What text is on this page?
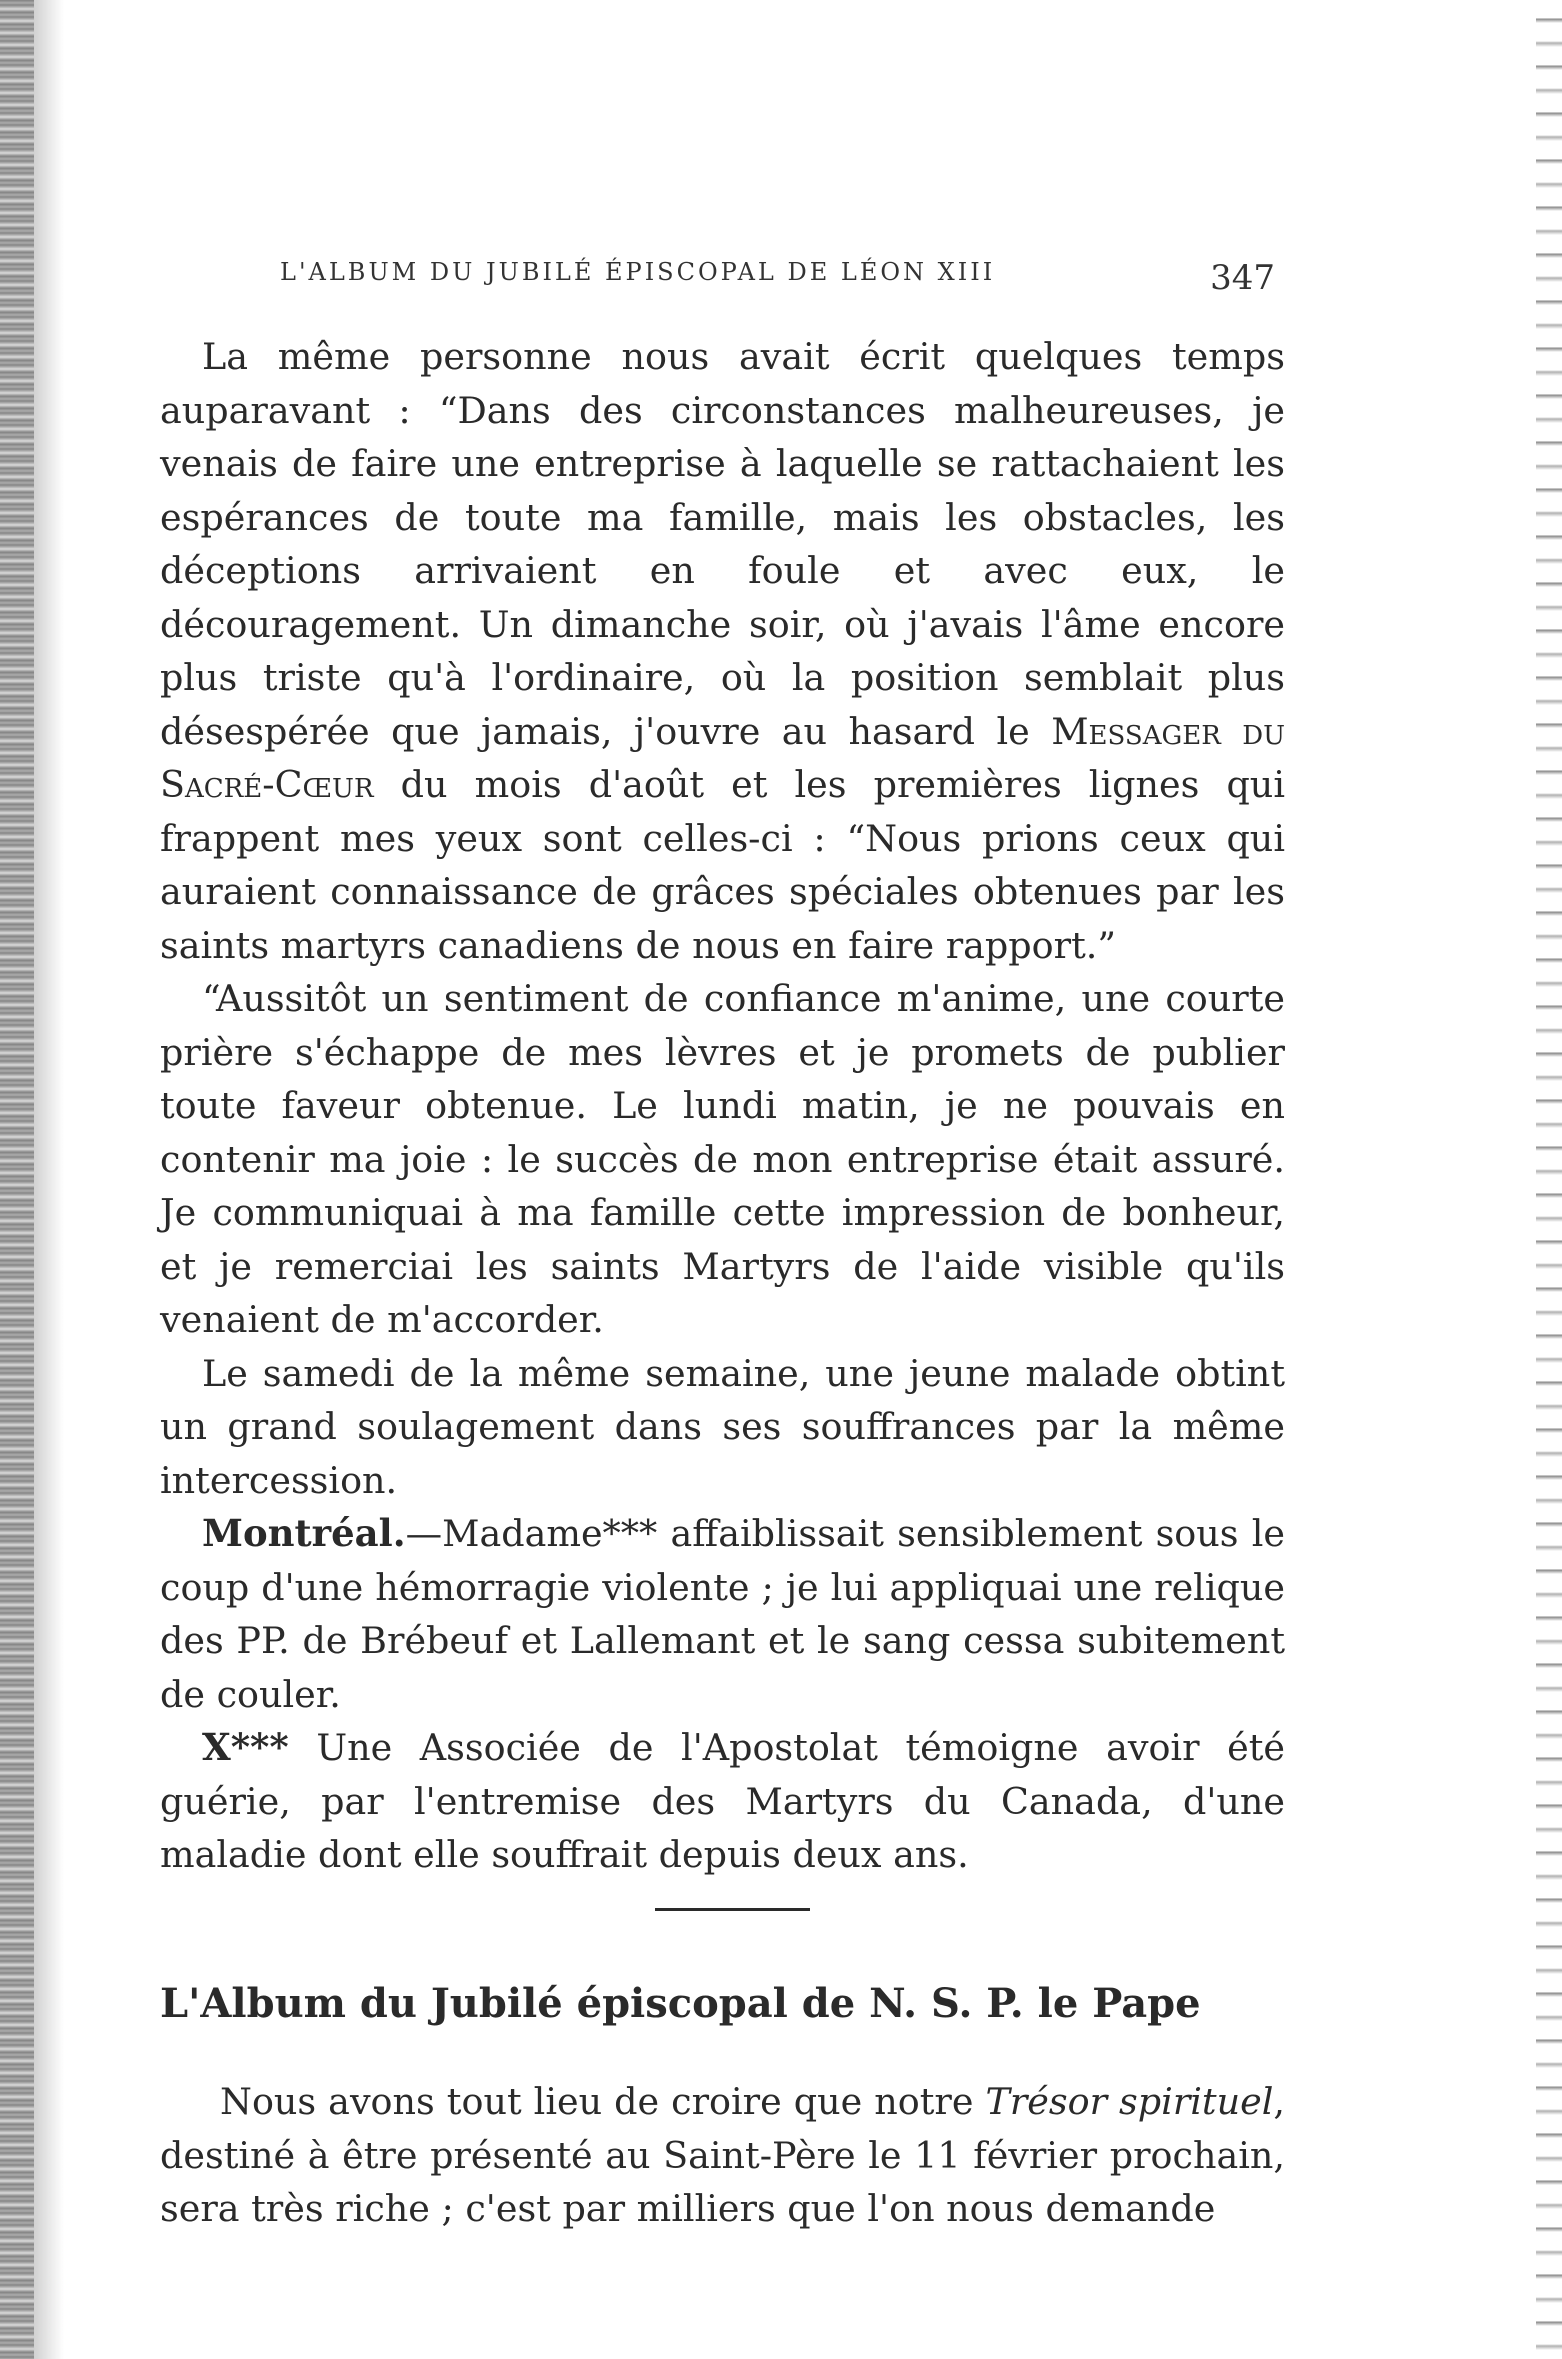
L'ALBUM DU JUBILÉ ÉPISCOPAL DE LÉON XIII	347

La même personne nous avait écrit quelques temps auparavant : “Dans des circonstances malheureuses, je venais de faire une entreprise à laquelle se rattachaient les espérances de toute ma famille, mais les obstacles, les déceptions arrivaient en foule et avec eux, le découragement. Un dimanche soir, où j'avais l'âme encore plus triste qu'à l'ordinaire, où la position semblait plus désespérée que jamais, j'ouvre au hasard le Messager du Sacré-Cœur du mois d'août et les premières lignes qui frappent mes yeux sont celles-ci : “Nous prions ceux qui auraient connaissance de grâces spéciales obtenues par les saints martyrs canadiens de nous en faire rapport.”

“Aussitôt un sentiment de confiance m'anime, une courte prière s'échappe de mes lèvres et je promets de publier toute faveur obtenue. Le lundi matin, je ne pouvais en contenir ma joie : le succès de mon entreprise était assuré. Je communiquai à ma famille cette impression de bonheur, et je remerciai les saints Martyrs de l'aide visible qu'ils venaient de m'accorder.

Le samedi de la même semaine, une jeune malade obtint un grand soulagement dans ses souffrances par la même intercession.

Montréal.—Madame*** affaiblissait sensiblement sous le coup d'une hémorragie violente ; je lui appliquai une relique des PP. de Brébeuf et Lallemant et le sang cessa subitement de couler.

X*** Une Associée de l'Apostolat témoigne avoir été guérie, par l'entremise des Martyrs du Canada, d'une maladie dont elle souffrait depuis deux ans.

L'Album du Jubilé épiscopal de N. S. P. le Pape

Nous avons tout lieu de croire que notre Trésor spirituel, destiné à être présenté au Saint-Père le 11 février prochain, sera très riche ; c'est par milliers que l'on nous demande
